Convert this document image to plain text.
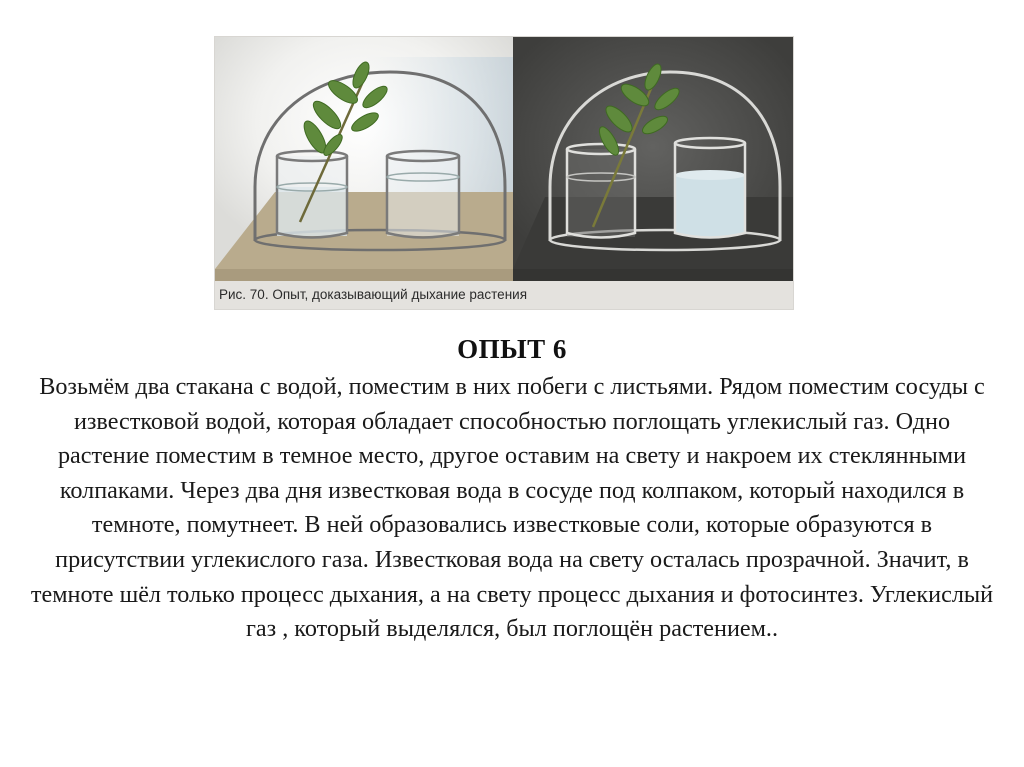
Рис. 70. Опыт, доказывающий дыхание растения
ОПЫТ 6

Возьмём два стакана с водой, поместим в них побеги с листьями. Рядом поместим сосуды с известковой водой, которая обладает способностью поглощать углекислый газ. Одно растение поместим в темное место, другое оставим на свету и накроем их стеклянными колпаками. Через два дня известковая вода в сосуде под колпаком, который находился в темноте, помутнеет. В ней образовались известковые соли, которые образуются в присутствии углекислого газа. Известковая вода на свету осталась прозрачной. Значит, в темноте шёл только процесс дыхания, а на свету процесс дыхания и фотосинтез. Углекислый газ , который выделялся, был поглощён растением..
